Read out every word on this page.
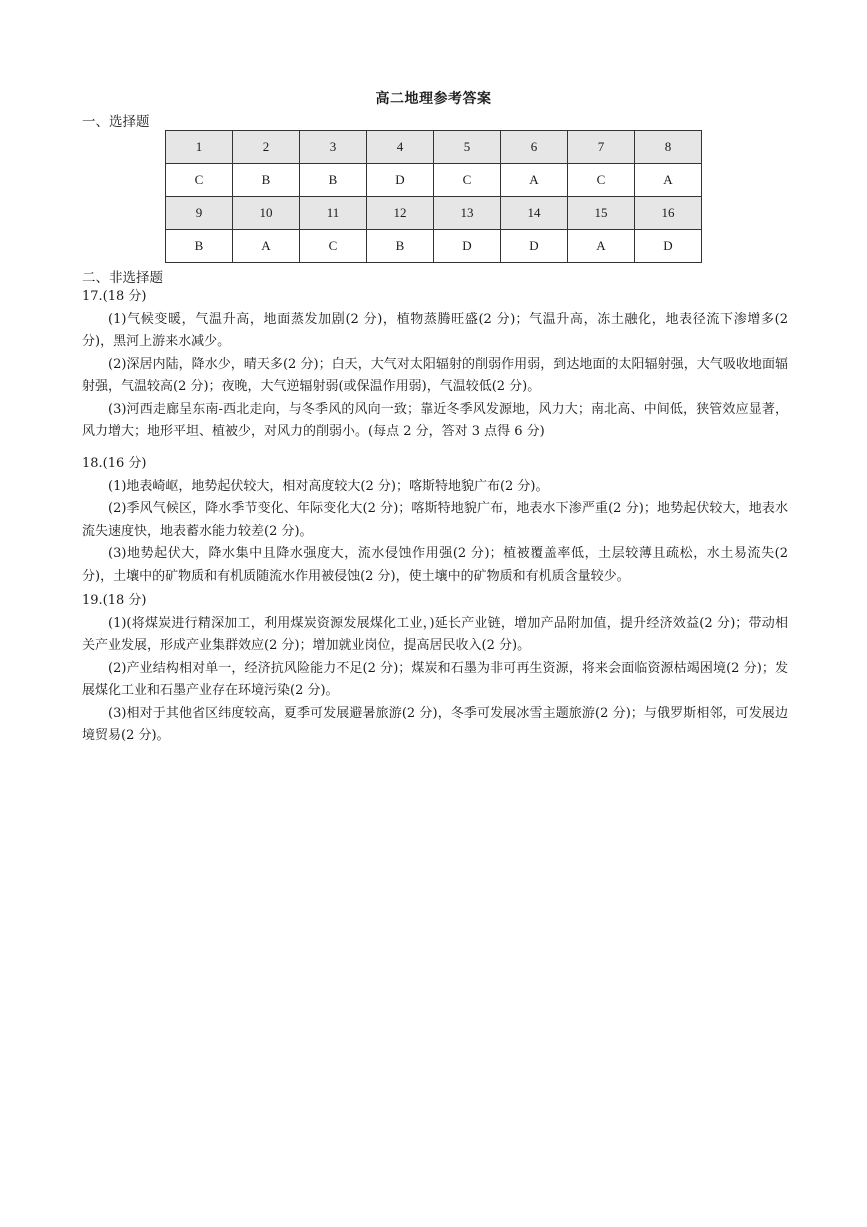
高二地理参考答案
一、选择题
1	2	3	4	5	6	7	8
C	B	B	D	C	A	C	A
9	10	11	12	13	14	15	16
B	A	C	B	D	D	A	D
二、非选择题
17.(18 分)

(1)气候变暖，气温升高，地面蒸发加剧(2 分)，植物蒸腾旺盛(2 分)；气温升高，冻土融化，地表径流下渗增多(2 分)，黑河上游来水减少。

(2)深居内陆，降水少，晴天多(2 分)；白天，大气对太阳辐射的削弱作用弱，到达地面的太阳辐射强，大气吸收地面辐射强，气温较高(2 分)；夜晚，大气逆辐射弱(或保温作用弱)，气温较低(2 分)。

(3)河西走廊呈东南-西北走向，与冬季风的风向一致；靠近冬季风发源地，风力大；南北高、中间低，狭管效应显著，风力增大；地形平坦、植被少，对风力的削弱小。(每点 2 分，答对 3 点得 6 分)

18.(16 分)

(1)地表崎岖，地势起伏较大，相对高度较大(2 分)；喀斯特地貌广布(2 分)。

(2)季风气候区，降水季节变化、年际变化大(2 分)；喀斯特地貌广布，地表水下渗严重(2 分)；地势起伏较大，地表水流失速度快，地表蓄水能力较差(2 分)。

(3)地势起伏大，降水集中且降水强度大，流水侵蚀作用强(2 分)；植被覆盖率低，土层较薄且疏松，水土易流失(2 分)，土壤中的矿物质和有机质随流水作用被侵蚀(2 分)，使土壤中的矿物质和有机质含量较少。

19.(18 分)

(1)(将煤炭进行精深加工，利用煤炭资源发展煤化工业，)延长产业链，增加产品附加值，提升经济效益(2 分)；带动相关产业发展，形成产业集群效应(2 分)；增加就业岗位，提高居民收入(2 分)。

(2)产业结构相对单一，经济抗风险能力不足(2 分)；煤炭和石墨为非可再生资源，将来会面临资源枯竭困境(2 分)；发展煤化工业和石墨产业存在环境污染(2 分)。

(3)相对于其他省区纬度较高，夏季可发展避暑旅游(2 分)，冬季可发展冰雪主题旅游(2 分)；与俄罗斯相邻，可发展边境贸易(2 分)。
